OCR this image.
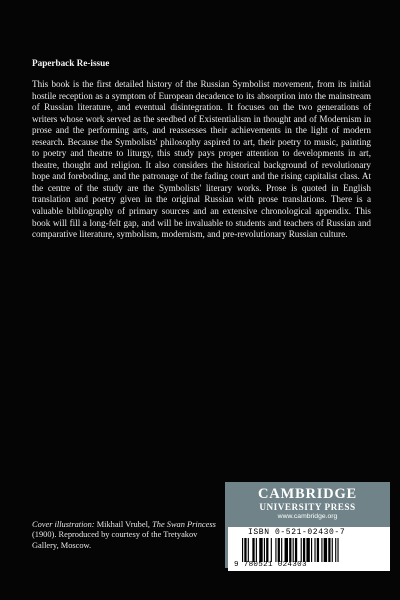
Paperback Re-issue

This book is the first detailed history of the Russian Symbolist movement, from its initial hostile reception as a symptom of European decadence to its absorption into the mainstream of Russian literature, and eventual disintegration. It focuses on the two generations of writers whose work served as the seedbed of Existentialism in thought and of Modernism in prose and the performing arts, and reassesses their achievements in the light of modern research. Because the Symbolists' philosophy aspired to art, their poetry to music, painting to poetry and theatre to liturgy, this study pays proper attention to developments in art, theatre, thought and religion. It also considers the historical background of revolutionary hope and foreboding, and the patronage of the fading court and the rising capitalist class. At the centre of the study are the Symbolists' literary works. Prose is quoted in English translation and poetry given in the original Russian with prose translations. There is a valuable bibliography of primary sources and an extensive chronological appendix. This book will fill a long-felt gap, and will be invaluable to students and teachers of Russian and comparative literature, symbolism, modernism, and pre-revolutionary Russian culture.

Cover illustration: Mikhail Vrubel, The Swan Princess (1900). Reproduced by courtesy of the Tretyakov Gallery, Moscow.
CAMBRIDGE
UNIVERSITY PRESS
www.cambridge.org
ISBN 0-521-02430-7
9 780521 024303
